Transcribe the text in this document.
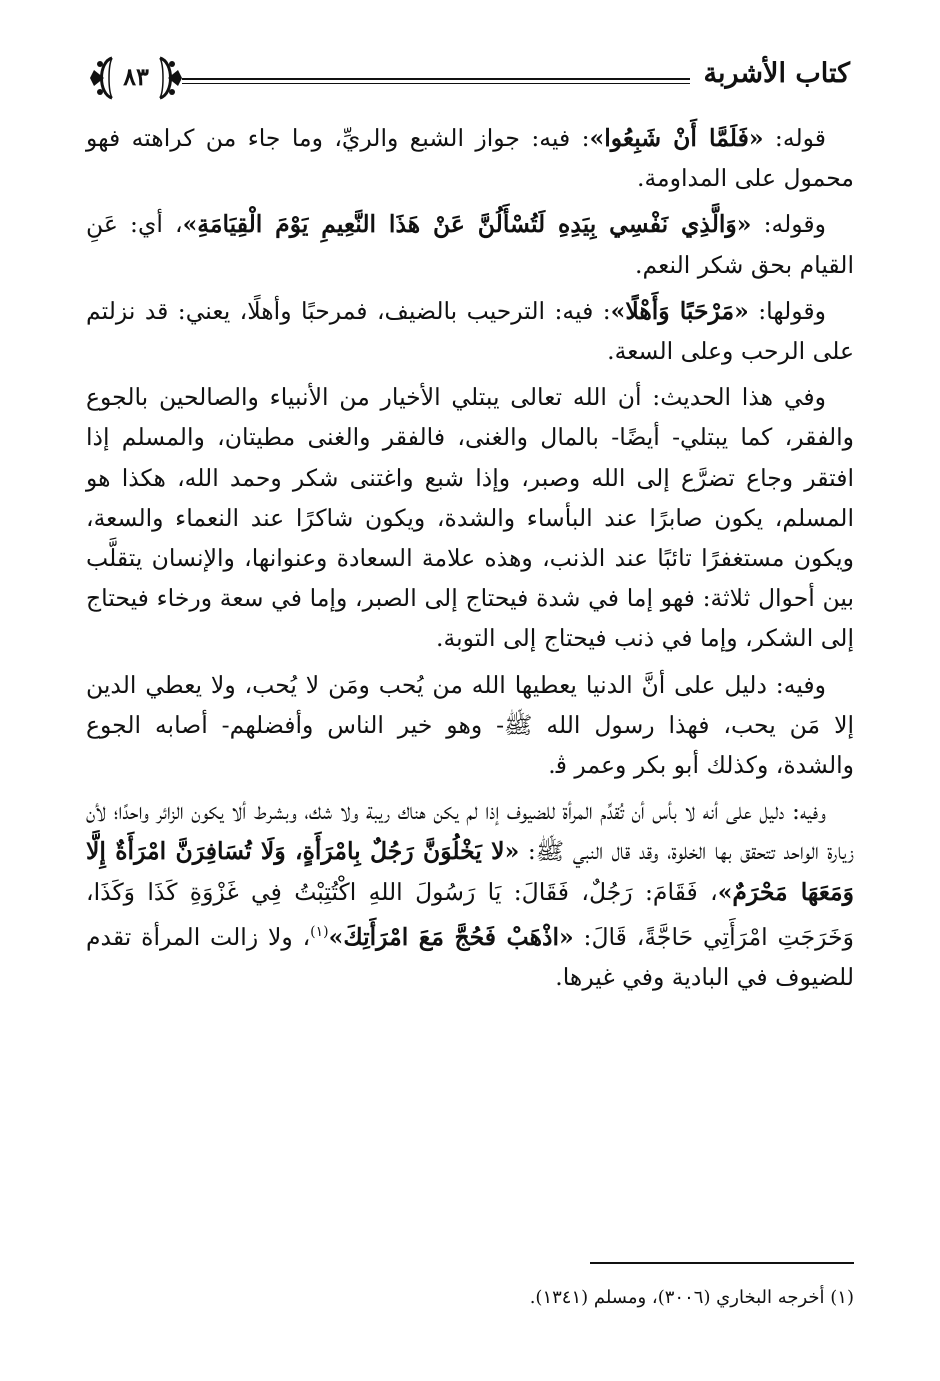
كتاب الأشربة
٨٣

قوله: «فَلَمَّا أَنْ شَبِعُوا»: فيه: جواز الشبع والريِّ، وما جاء من كراهته فهو محمول على المداومة.

وقوله: «وَالَّذِي نَفْسِي بِيَدِهِ لَتُسْأَلُنَّ عَنْ هَذَا النَّعِيمِ يَوْمَ الْقِيَامَةِ»، أي: عَنِ القيام بحق شكر النعم.

وقولها: «مَرْحَبًا وَأَهْلًا»: فيه: الترحيب بالضيف، فمرحبًا وأهلًا، يعني: قد نزلتم على الرحب وعلى السعة.

وفي هذا الحديث: أن الله تعالى يبتلي الأخيار من الأنبياء والصالحين بالجوع والفقر، كما يبتلي- أيضًا- بالمال والغنى، فالفقر والغنى مطيتان، والمسلم إذا افتقر وجاع تضرَّع إلى الله وصبر، وإذا شبع واغتنى شكر وحمد الله، هكذا هو المسلم، يكون صابرًا عند البأساء والشدة، ويكون شاكرًا عند النعماء والسعة، ويكون مستغفرًا تائبًا عند الذنب، وهذه علامة السعادة وعنوانها، والإنسان يتقلَّب بين أحوال ثلاثة: فهو إما في شدة فيحتاج إلى الصبر، وإما في سعة ورخاء فيحتاج إلى الشكر، وإما في ذنب فيحتاج إلى التوبة.

وفيه: دليل على أنَّ الدنيا يعطيها الله من يُحب ومَن لا يُحب، ولا يعطي الدين إلا مَن يحب، فهذا رسول الله ﷺ- وهو خير الناس وأفضلهم- أصابه الجوع والشدة، وكذلك أبو بكر وعمر ﭬ.

وفيه: دليل على أنه لا بأس أن تُقدِّم المرأة للضيوف إذا لم يكن هناك ريبة ولا شك، وبشرط ألا يكون الزائر واحدًا؛ لأن زيارة الواحد تتحقق بها الخلوة، وقد قال النبي ﷺ: «لا يَخْلُوَنَّ رَجُلٌ بِامْرَأَةٍ، وَلَا تُسَافِرَنَّ امْرَأَةٌ إِلَّا وَمَعَهَا مَحْرَمٌ»، فَقَامَ: رَجُلٌ، فَقَالَ: يَا رَسُولَ اللهِ اكْتُتِبْتُ فِي غَزْوَةِ كَذَا وَكَذَا، وَخَرَجَتِ امْرَأَتِي حَاجَّةً، قَالَ: «اذْهَبْ فَحُجَّ مَعَ امْرَأَتِكَ»$^{(١)}$، ولا زالت المرأة تقدم للضيوف في البادية وفي غيرها.

(١) أخرجه البخاري (٣٠٠٦)، ومسلم (١٣٤١).
